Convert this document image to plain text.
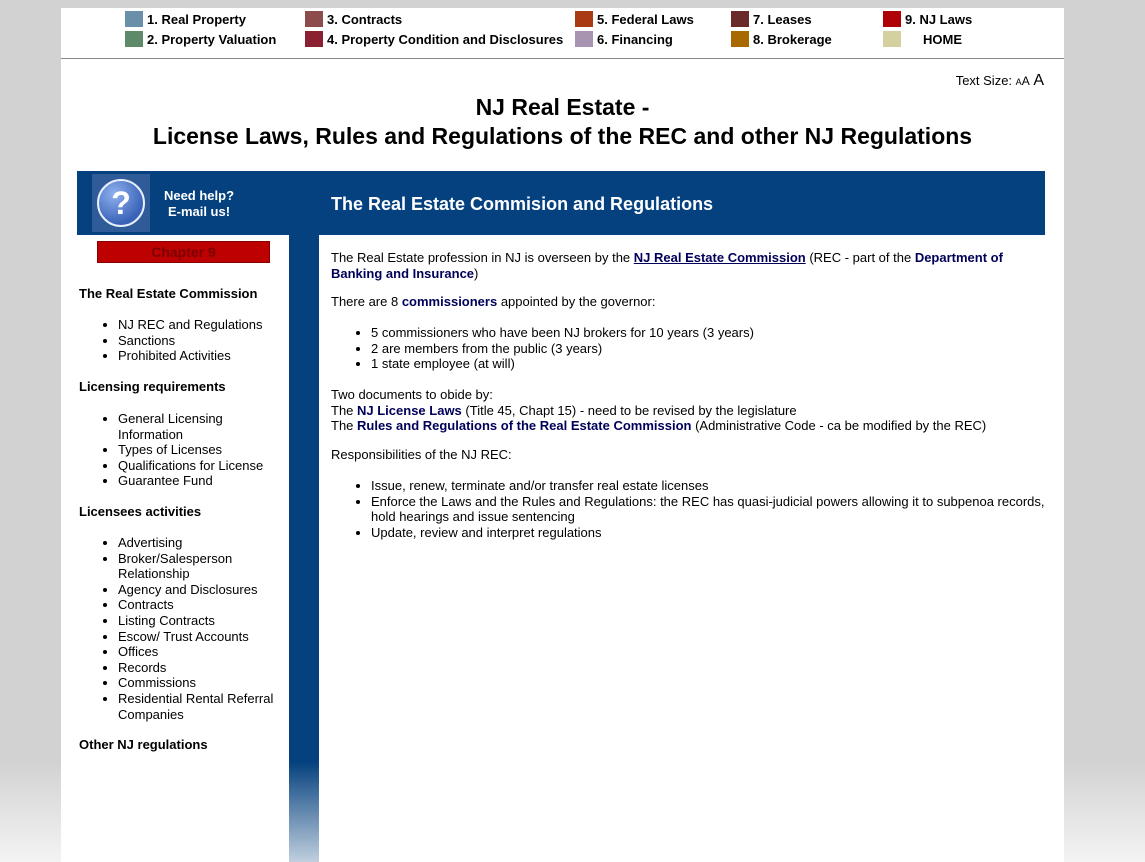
1. Real Property
2. Property Valuation
3. Contracts
4. Property Condition and Disclosures
5. Federal Laws
6. Financing
7. Leases
8. Brokerage
9. NJ Laws
HOME
Text Size: AA A
NJ Real Estate -
License Laws, Rules and Regulations of the REC and other NJ Regulations
?	Need help?
E-mail us!	The Real Estate Commision and Regulations
Chapter 9
The Real Estate Commission
• NJ REC and Regulations
• Sanctions
• Prohibited Activities
Licensing requirements
• General Licensing Information
• Types of Licenses
• Qualifications for License
• Guarantee Fund
Licensees activities
• Advertising
• Broker/Salesperson Relationship
• Agency and Disclosures
• Contracts
• Listing Contracts
• Escow/ Trust Accounts
• Offices
• Records
• Commissions
• Residential Rental Referral Companies
Other NJ regulations

The Real Estate profession in NJ is overseen by the NJ Real Estate Commission (REC - part of the Department of Banking and Insurance)

There are 8 commissioners appointed by the governor:

• 5 commissioners who have been NJ brokers for 10 years (3 years)
• 2 are members from the public (3 years)
• 1 state employee (at will)

Two documents to obide by:

The NJ License Laws (Title 45, Chapt 15) - need to be revised by the legislature

The Rules and Regulations of the Real Estate Commission (Administrative Code - ca be modified by the REC)

Responsibilities of the NJ REC:

• Issue, renew, terminate and/or transfer real estate licenses
• Enforce the Laws and the Rules and Regulations: the REC has quasi-judicial powers allowing it to subpenoa records, hold hearings and issue sentencing
• Update, review and interpret regulations
